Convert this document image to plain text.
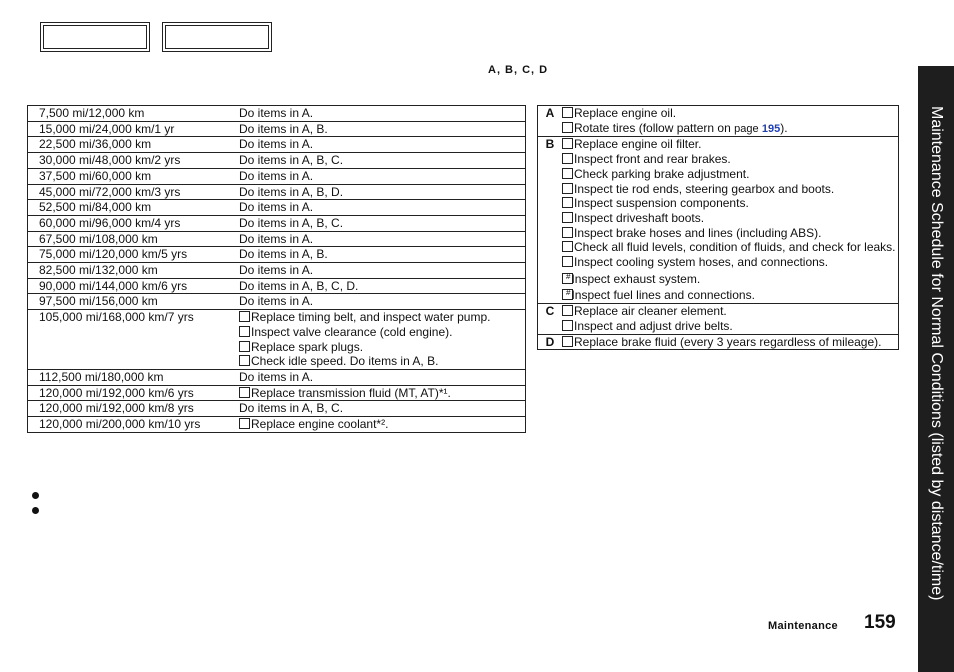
A, B, C, D
7,500 mi/12,000 km	Do items in A.
15,000 mi/24,000 km/1 yr	Do items in A, B.
22,500 mi/36,000 km	Do items in A.
30,000 mi/48,000 km/2 yrs	Do items in A, B, C.
37,500 mi/60,000 km	Do items in A.
45,000 mi/72,000 km/3 yrs	Do items in A, B, D.
52,500 mi/84,000 km	Do items in A.
60,000 mi/96,000 km/4 yrs	Do items in A, B, C.
67,500 mi/108,000 km	Do items in A.
75,000 mi/120,000 km/5 yrs	Do items in A, B.
82,500 mi/132,000 km	Do items in A.
90,000 mi/144,000 km/6 yrs	Do items in A, B, C, D.
97,500 mi/156,000 km	Do items in A.
105,000 mi/168,000 km/7 yrs	Replace timing belt, and inspect water pump.
Inspect valve clearance (cold engine).
Replace spark plugs.
Check idle speed. Do items in A, B.
112,500 mi/180,000 km	Do items in A.
120,000 mi/192,000 km/6 yrs	Replace transmission fluid (MT, AT)*¹.
120,000 mi/192,000 km/8 yrs	Do items in A, B, C.
120,000 mi/200,000 km/10 yrs	Replace engine coolant*².
A	Replace engine oil.
Rotate tires (follow pattern on page 195).
B	Replace engine oil filter.
Inspect front and rear brakes.
Check parking brake adjustment.
Inspect tie rod ends, steering gearbox and boots.
Inspect suspension components.
Inspect driveshaft boots.
Inspect brake hoses and lines (including ABS).
Check all fluid levels, condition of fluids, and check for leaks.
Inspect cooling system hoses, and connections.
#Inspect exhaust system.
#Inspect fuel lines and connections.
C	Replace air cleaner element.
Inspect and adjust drive belts.
D	Replace brake fluid (every 3 years regardless of mileage).
Maintenance 159
Maintenance Schedule for Normal Conditions (listed by distance/time)
